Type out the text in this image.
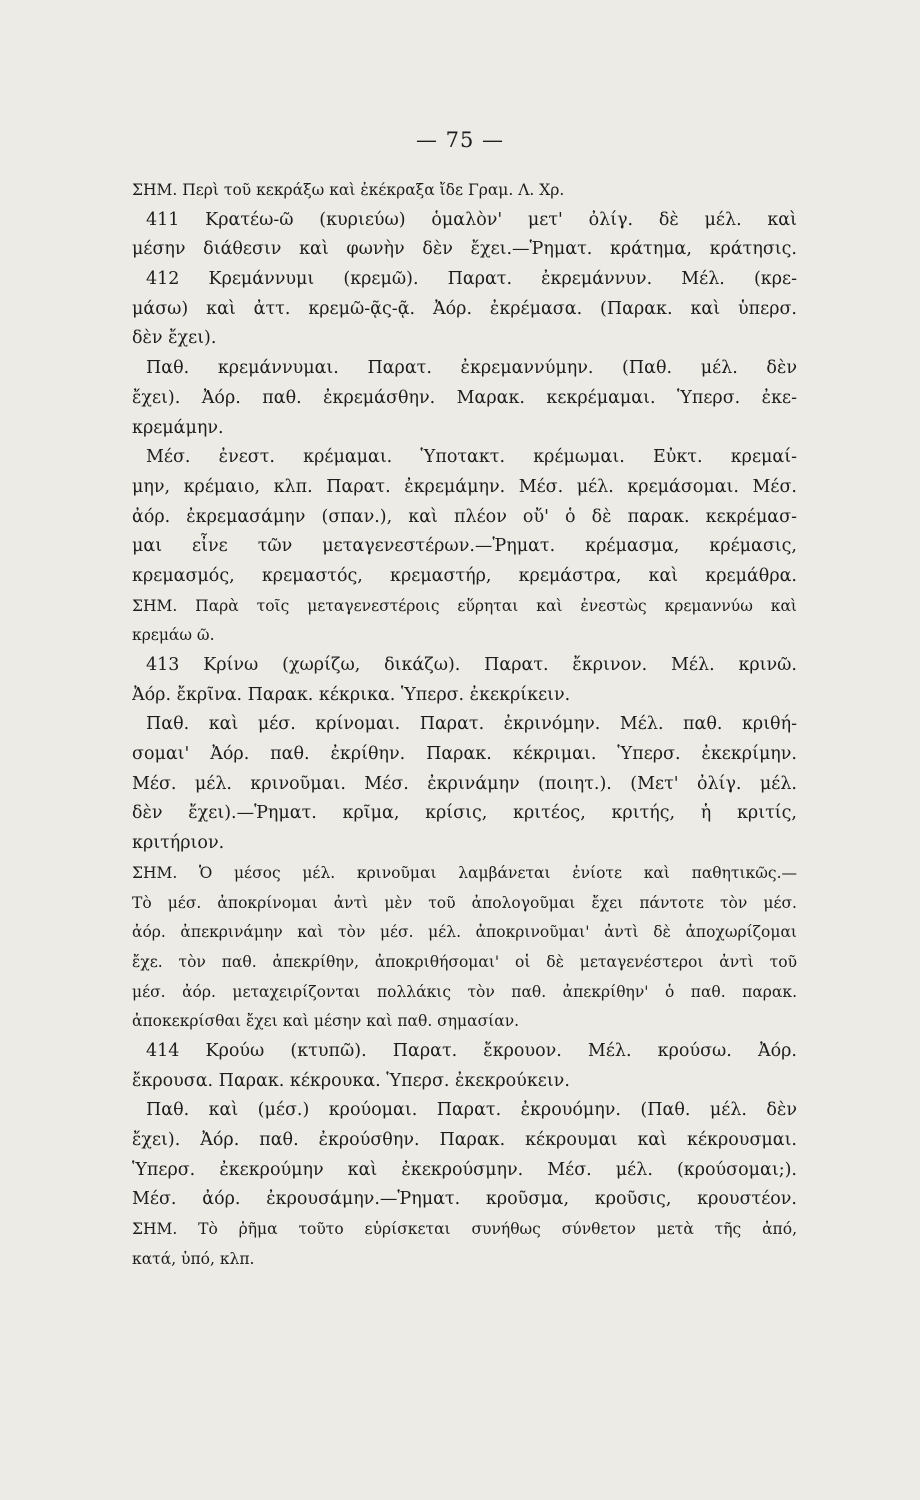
— 75 —
ΣΗΜ. Περὶ τοῦ κεκράξω καὶ ἐκέκραξα ἴδε Γραμ. Λ. Χρ.
411 Κρατέω-ῶ (κυριεύω) ὁμαλὸν' μετ' ὀλίγ. δὲ μέλ. καὶ
μέσην διάθεσιν καὶ φωνὴν δὲν ἔχει.—Ῥηματ. κράτημα, κράτησις.
412 Κρεμάννυμι (κρεμῶ). Παρατ. ἐκρεμάννυν. Μέλ. (κρε-
μάσω) καὶ ἀττ. κρεμῶ-ᾷς-ᾷ. Ἀόρ. ἐκρέμασα. (Παρακ. καὶ ὑπερσ.
δὲν ἔχει).
Παθ. κρεμάννυμαι. Παρατ. ἐκρεμαννύμην. (Παθ. μέλ. δὲν
ἔχει). Ἀόρ. παθ. ἐκρεμάσθην. Μαρακ. κεκρέμαμαι. Ὑπερσ. ἐκε-
κρεμάμην.
Μέσ. ἐνεστ. κρέμαμαι. Ὑποτακτ. κρέμωμαι. Εὐκτ. κρεμαί-
μην, κρέμαιο, κλπ. Παρατ. ἐκρεμάμην. Μέσ. μέλ. κρεμάσομαι. Μέσ.
ἀόρ. ἐκρεμασάμην (σπαν.), καὶ πλέον οὔ' ὁ δὲ παρακ. κεκρέμασ-
μαι εἶνε τῶν μεταγενεστέρων.—Ῥηματ. κρέμασμα, κρέμασις,
κρεμασμός, κρεμαστός, κρεμαστήρ, κρεμάστρα, καὶ κρεμάθρα.
ΣΗΜ. Παρὰ τοῖς μεταγενεστέροις εὕρηται καὶ ἐνεστὼς κρεμαννύω καὶ
κρεμάω ῶ.
413 Κρίνω (χωρίζω, δικάζω). Παρατ. ἔκρινον. Μέλ. κρινῶ.
Ἀόρ. ἔκρῖνα. Παρακ. κέκρικα. Ὑπερσ. ἐκεκρίκειν.
Παθ. καὶ μέσ. κρίνομαι. Παρατ. ἐκρινόμην. Μέλ. παθ. κριθή-
σομαι' Ἀόρ. παθ. ἐκρίθην. Παρακ. κέκριμαι. Ὑπερσ. ἐκεκρίμην.
Μέσ. μέλ. κρινοῦμαι. Μέσ. ἐκρινάμην (ποιητ.). (Μετ' ὀλίγ. μέλ.
δὲν ἔχει).—Ῥηματ. κρῖμα, κρίσις, κριτέος, κριτής, ἡ κριτίς,
κριτήριον.
ΣΗΜ. Ὁ μέσος μέλ. κρινοῦμαι λαμβάνεται ἐνίοτε καὶ παθητικῶς.—
Τὸ μέσ. ἀποκρίνομαι ἀντὶ μὲν τοῦ ἀπολογοῦμαι ἔχει πάντοτε τὸν μέσ.
ἀόρ. ἀπεκρινάμην καὶ τὸν μέσ. μέλ. ἀποκρινοῦμαι' ἀντὶ δὲ ἀποχωρίζομαι
ἔχε. τὸν παθ. ἀπεκρίθην, ἀποκριθήσομαι' οἱ δὲ μεταγενέστεροι ἀντὶ τοῦ
μέσ. ἀόρ. μεταχειρίζονται πολλάκις τὸν παθ. ἀπεκρίθην' ὁ παθ. παρακ.
ἀποκεκρίσθαι ἔχει καὶ μέσην καὶ παθ. σημασίαν.
414 Κρούω (κτυπῶ). Παρατ. ἔκρουον. Μέλ. κρούσω. Ἀόρ.
ἔκρουσα. Παρακ. κέκρουκα. Ὑπερσ. ἐκεκρούκειν.
Παθ. καὶ (μέσ.) κρούομαι. Παρατ. ἐκρουόμην. (Παθ. μέλ. δὲν
ἔχει). Ἀόρ. παθ. ἐκρούσθην. Παρακ. κέκρουμαι καὶ κέκρουσμαι.
Ὑπερσ. ἐκεκρούμην καὶ ἐκεκρούσμην. Μέσ. μέλ. (κρούσομαι;).
Μέσ. ἀόρ. ἐκρουσάμην.—Ῥηματ. κροῦσμα, κροῦσις, κρουστέον.
ΣΗΜ. Τὸ ῥῆμα τοῦτο εὑρίσκεται συνήθως σύνθετον μετὰ τῆς ἀπό,
κατά, ὑπό, κλπ.
